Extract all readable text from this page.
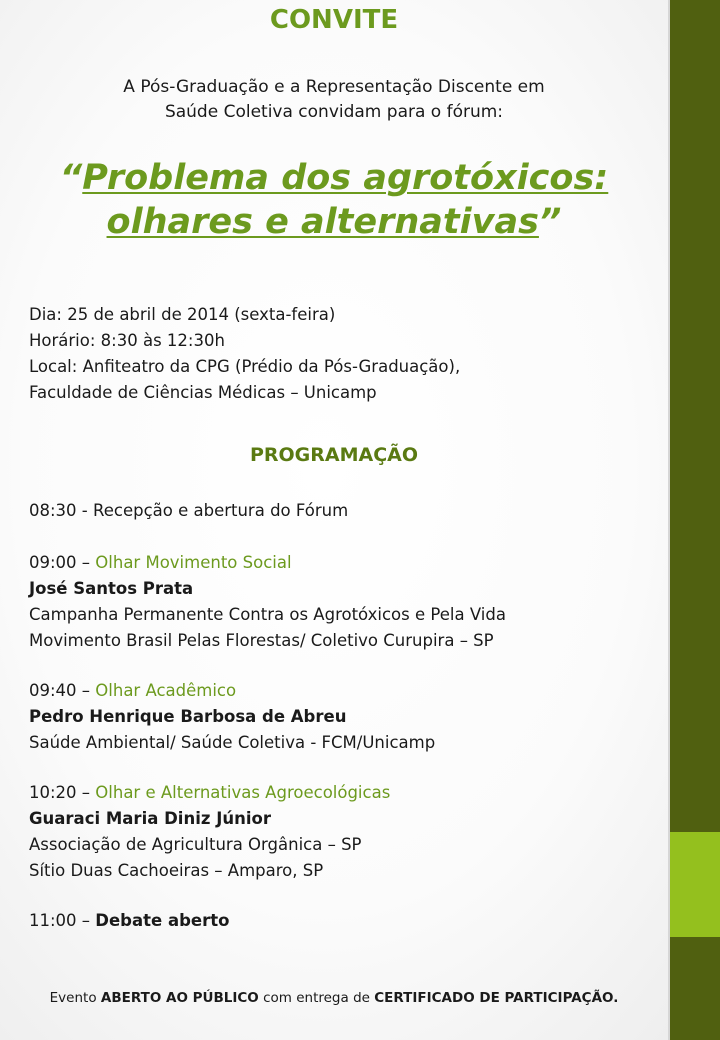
CONVITE
A Pós-Graduação e a Representação Discente em
Saúde Coletiva convidam para o fórum:
“Problema dos agrotóxicos:
olhares e alternativas”
Dia: 25 de abril de 2014 (sexta-feira)
Horário: 8:30 às 12:30h
Local: Anfiteatro da CPG (Prédio da Pós-Graduação),
Faculdade de Ciências Médicas – Unicamp
PROGRAMAÇÃO
08:30 - Recepção e abertura do Fórum
09:00 – Olhar Movimento Social
José Santos Prata
Campanha Permanente Contra os Agrotóxicos e Pela Vida
Movimento Brasil Pelas Florestas/ Coletivo Curupira – SP
09:40 – Olhar Acadêmico
Pedro Henrique Barbosa de Abreu
Saúde Ambiental/ Saúde Coletiva - FCM/Unicamp
10:20 – Olhar e Alternativas Agroecológicas
Guaraci Maria Diniz Júnior
Associação de Agricultura Orgânica – SP
Sítio Duas Cachoeiras – Amparo, SP
11:00 – Debate aberto
Evento ABERTO AO PÚBLICO com entrega de CERTIFICADO DE PARTICIPAÇÃO.
